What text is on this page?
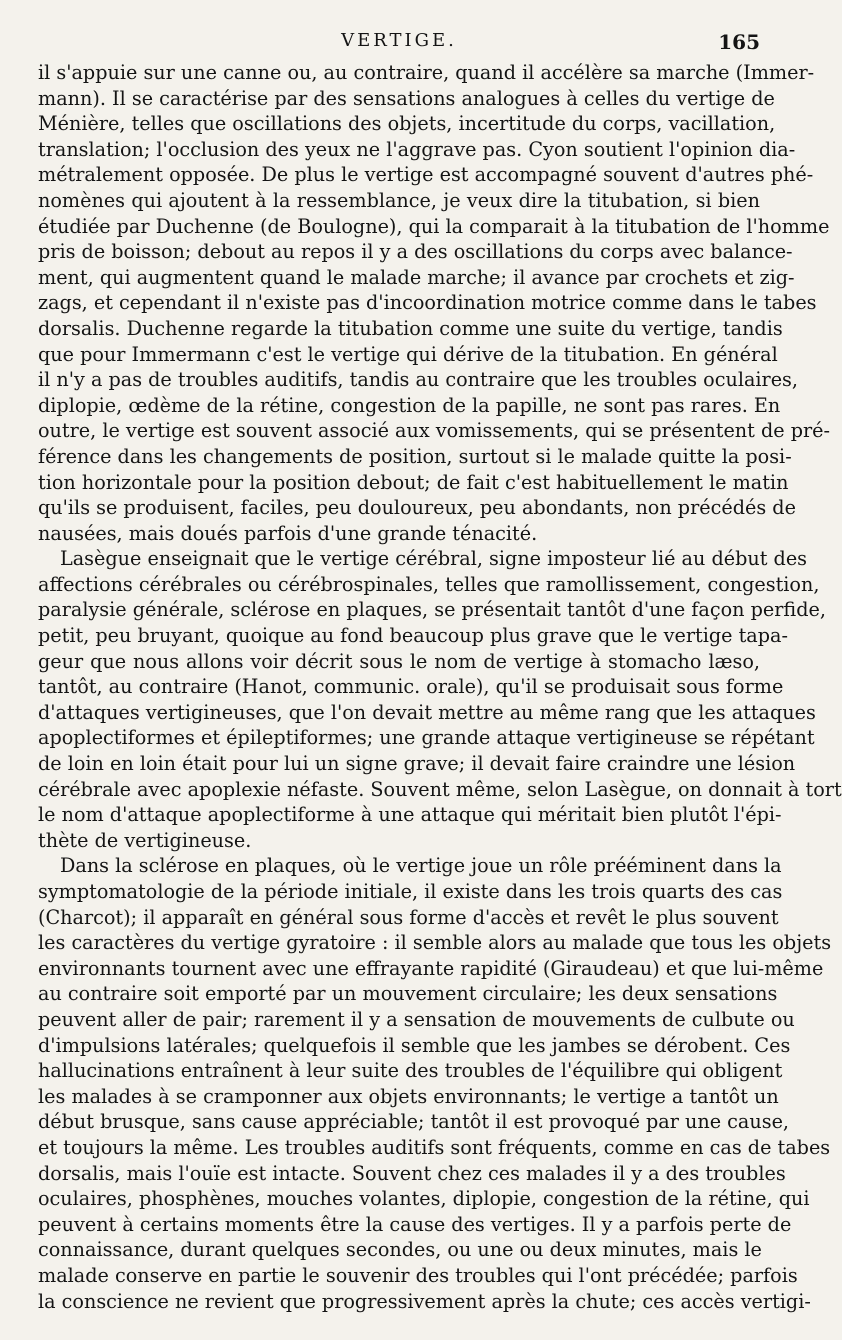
VERTIGE.	165
il s'appuie sur une canne ou, au contraire, quand il accélère sa marche (Immer-
mann). Il se caractérise par des sensations analogues à celles du vertige de
Ménière, telles que oscillations des objets, incertitude du corps, vacillation,
translation; l'occlusion des yeux ne l'aggrave pas. Cyon soutient l'opinion dia-
métralement opposée. De plus le vertige est accompagné souvent d'autres phé-
nomènes qui ajoutent à la ressemblance, je veux dire la titubation, si bien
étudiée par Duchenne (de Boulogne), qui la comparait à la titubation de l'homme
pris de boisson; debout au repos il y a des oscillations du corps avec balance-
ment, qui augmentent quand le malade marche; il avance par crochets et zig-
zags, et cependant il n'existe pas d'incoordination motrice comme dans le tabes
dorsalis. Duchenne regarde la titubation comme une suite du vertige, tandis
que pour Immermann c'est le vertige qui dérive de la titubation. En général
il n'y a pas de troubles auditifs, tandis au contraire que les troubles oculaires,
diplopie, œdème de la rétine, congestion de la papille, ne sont pas rares. En
outre, le vertige est souvent associé aux vomissements, qui se présentent de pré-
férence dans les changements de position, surtout si le malade quitte la posi-
tion horizontale pour la position debout; de fait c'est habituellement le matin
qu'ils se produisent, faciles, peu douloureux, peu abondants, non précédés de
nausées, mais doués parfois d'une grande ténacité.
Lasègue enseignait que le vertige cérébral, signe imposteur lié au début des
affections cérébrales ou cérébrospinales, telles que ramollissement, congestion,
paralysie générale, sclérose en plaques, se présentait tantôt d'une façon perfide,
petit, peu bruyant, quoique au fond beaucoup plus grave que le vertige tapa-
geur que nous allons voir décrit sous le nom de vertige à stomacho læso,
tantôt, au contraire (Hanot, communic. orale), qu'il se produisait sous forme
d'attaques vertigineuses, que l'on devait mettre au même rang que les attaques
apoplectiformes et épileptiformes; une grande attaque vertigineuse se répétant
de loin en loin était pour lui un signe grave; il devait faire craindre une lésion
cérébrale avec apoplexie néfaste. Souvent même, selon Lasègue, on donnait à tort
le nom d'attaque apoplectiforme à une attaque qui méritait bien plutôt l'épi-
thète de vertigineuse.
Dans la sclérose en plaques, où le vertige joue un rôle prééminent dans la
symptomatologie de la période initiale, il existe dans les trois quarts des cas
(Charcot); il apparaît en général sous forme d'accès et revêt le plus souvent
les caractères du vertige gyratoire : il semble alors au malade que tous les objets
environnants tournent avec une effrayante rapidité (Giraudeau) et que lui-même
au contraire soit emporté par un mouvement circulaire; les deux sensations
peuvent aller de pair; rarement il y a sensation de mouvements de culbute ou
d'impulsions latérales; quelquefois il semble que les jambes se dérobent. Ces
hallucinations entraînent à leur suite des troubles de l'équilibre qui obligent
les malades à se cramponner aux objets environnants; le vertige a tantôt un
début brusque, sans cause appréciable; tantôt il est provoqué par une cause,
et toujours la même. Les troubles auditifs sont fréquents, comme en cas de tabes
dorsalis, mais l'ouïe est intacte. Souvent chez ces malades il y a des troubles
oculaires, phosphènes, mouches volantes, diplopie, congestion de la rétine, qui
peuvent à certains moments être la cause des vertiges. Il y a parfois perte de
connaissance, durant quelques secondes, ou une ou deux minutes, mais le
malade conserve en partie le souvenir des troubles qui l'ont précédée; parfois
la conscience ne revient que progressivement après la chute; ces accès vertigi-
